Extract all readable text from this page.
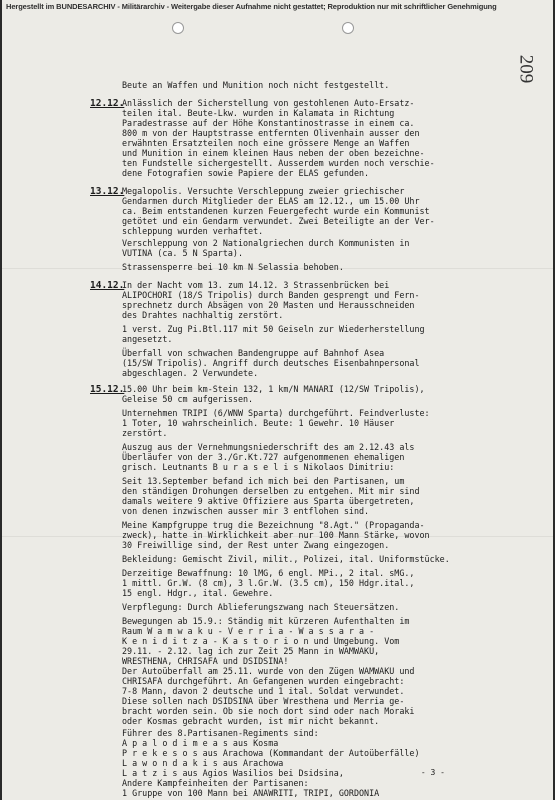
Hergestellt im BUNDESARCHIV - Militärarchiv - Weitergabe dieser Aufnahme nicht gestattet; Reproduktion nur mit schriftlicher Genehmigung
209
Beute an Waffen und Munition noch nicht festgestellt.
12.12.
Anlässlich der Sicherstellung von gestohlenen Auto-Ersatz-
teilen ital. Beute-Lkw. wurden in Kalamata in Richtung
Paradestrasse auf der Höhe Konstantinostrasse in einem ca.
800 m von der Hauptstrasse entfernten Olivenhain ausser den
erwähnten Ersatzteilen noch eine grössere Menge an Waffen
und Munition in einem kleinen Haus neben der oben bezeichne-
ten Fundstelle sichergestellt. Ausserdem wurden noch verschie-
dene Fotografien sowie Papiere der ELAS gefunden.
13.12.
Megalopolis. Versuchte Verschleppung zweier griechischer
Gendarmen durch Mitglieder der ELAS am 12.12., um 15.00 Uhr
ca. Beim entstandenen kurzen Feuergefecht wurde ein Kommunist
getötet und ein Gendarm verwundet. Zwei Beteiligte an der Ver-
schleppung wurden verhaftet.
Verschleppung von 2 Nationalgriechen durch Kommunisten in
VUTINA (ca. 5 N Sparta).
Strassensperre bei 10 km N Selassia behoben.
14.12.
In der Nacht vom 13. zum 14.12. 3 Strassenbrücken bei
ALIPOCHORI (18/S Tripolis) durch Banden gesprengt und Fern-
sprechnetz durch Absägen von 20 Masten und Herausschneiden
des Drahtes nachhaltig zerstört.
1 verst. Zug Pi.Btl.117 mit 50 Geiseln zur Wiederherstellung
angesetzt.
Überfall von schwachen Bandengruppe auf Bahnhof Asea
(15/SW Tripolis). Angriff durch deutsches Eisenbahnpersonal
abgeschlagen. 2 Verwundete.
15.12.
15.00 Uhr beim km-Stein 132, 1 km/N MANARI (12/SW Tripolis),
Geleise 50 cm aufgerissen.
Unternehmen TRIPI (6/WNW Sparta) durchgeführt. Feindverluste:
1 Toter, 10 wahrscheinlich. Beute: 1 Gewehr. 10 Häuser
zerstört.
Auszug aus der Vernehmungsniederschrift des am 2.12.43 als
Überläufer von der 3./Gr.Kt.727 aufgenommenen ehemaligen
grisch. Leutnants B u r a s e l i s Nikolaos Dimitriu:
Seit 13.September befand ich mich bei den Partisanen, um
den ständigen Drohungen derselben zu entgehen. Mit mir sind
damals weitere 9 aktive Offiziere aus Sparta übergetreten,
von denen inzwischen ausser mir 3 entflohen sind.
Meine Kampfgruppe trug die Bezeichnung "8.Agt." (Propaganda-
zweck), hatte in Wirklichkeit aber nur 100 Mann Stärke, wovon
30 Freiwillige sind, der Rest unter Zwang eingezogen.
Bekleidung: Gemischt Zivil, milit., Polizei, ital. Uniformstücke.
Derzeitige Bewaffnung: 10 lMG, 6 engl. MPi., 2 ital. sMG.,
1 mittl. Gr.W. (8 cm), 3 l.Gr.W. (3.5 cm), 150 Hdgr.ital.,
15 engl. Hdgr., ital. Gewehre.
Verpflegung: Durch Ablieferungszwang nach Steuersätzen.
Bewegungen ab 15.9.: Ständig mit kürzeren Aufenthalten im
Raum W a m w a k u - V e r r i a - W a s s a r a -
K e n i d i t z a - K a s t o r i o n und Umgebung. Vom
29.11. - 2.12. lag ich zur Zeit 25 Mann in WAMWAKU,
WRESTHENA, CHRISAFA und DSIDSINA!
Der Autoüberfall am 25.11. wurde von den Zügen WAMWAKU und
CHRISAFA durchgeführt. An Gefangenen wurden eingebracht:
7-8 Mann, davon 2 deutsche und 1 ital. Soldat verwundet.
Diese sollen nach DSIDSINA über Wresthena und Merria ge-
bracht worden sein. Ob sie noch dort sind oder nach Moraki
oder Kosmas gebracht wurden, ist mir nicht bekannt.
Führer des 8.Partisanen-Regiments sind:
A p a l o d i m e a s aus Kosma
P r e k e s o s aus Arachowa (Kommandant der Autoüberfälle)
L a w o n d a k i s aus Arachowa
L a t z i s aus Agios Wasilios bei Dsidsina,
Andere Kampfeinheiten der Partisanen:
1 Gruppe von 100 Mann bei ANAWRITI, TRIPI, GORDONIA
- 3 -
